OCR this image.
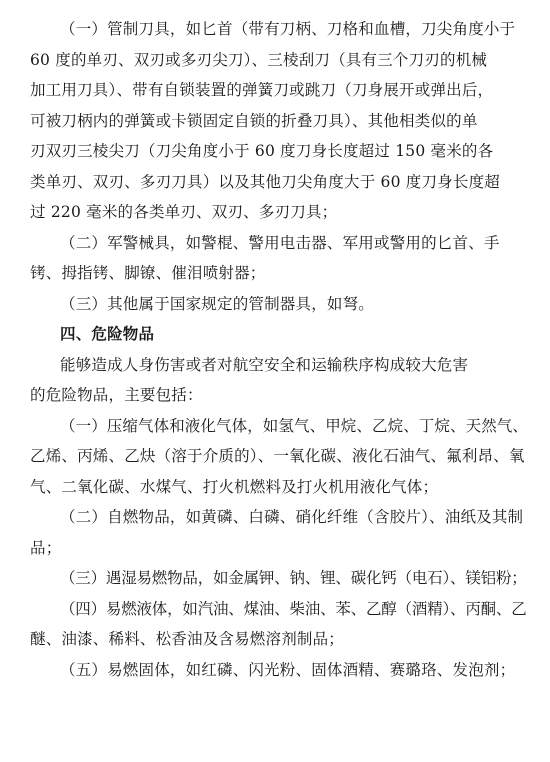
（一）管制刀具，如匕首（带有刀柄、刀格和血槽，刀尖角度小于
60 度的单刃、双刃或多刃尖刀）、三棱刮刀（具有三个刀刃的机械
加工用刀具）、带有自锁装置的弹簧刀或跳刀（刀身展开或弹出后，
可被刀柄内的弹簧或卡锁固定自锁的折叠刀具）、其他相类似的单
刃双刃三棱尖刀（刀尖角度小于 60 度刀身长度超过 150 毫米的各
类单刃、双刃、多刃刀具）以及其他刀尖角度大于 60 度刀身长度超
过 220 毫米的各类单刃、双刃、多刃刀具；
（二）军警械具，如警棍、警用电击器、军用或警用的匕首、手
铐、拇指铐、脚镣、催泪喷射器；
（三）其他属于国家规定的管制器具，如弩。
四、危险物品
能够造成人身伤害或者对航空安全和运输秩序构成较大危害
的危险物品，主要包括：
（一）压缩气体和液化气体，如氢气、甲烷、乙烷、丁烷、天然气、
乙烯、丙烯、乙炔（溶于介质的）、一氧化碳、液化石油气、氟利昂、氧
气、二氧化碳、水煤气、打火机燃料及打火机用液化气体；
（二）自燃物品，如黄磷、白磷、硝化纤维（含胶片）、油纸及其制
品；
（三）遇湿易燃物品，如金属钾、钠、锂、碳化钙（电石）、镁铝粉；
（四）易燃液体，如汽油、煤油、柴油、苯、乙醇（酒精）、丙酮、乙
醚、油漆、稀料、松香油及含易燃溶剂制品；
（五）易燃固体，如红磷、闪光粉、固体酒精、赛璐珞、发泡剂；
